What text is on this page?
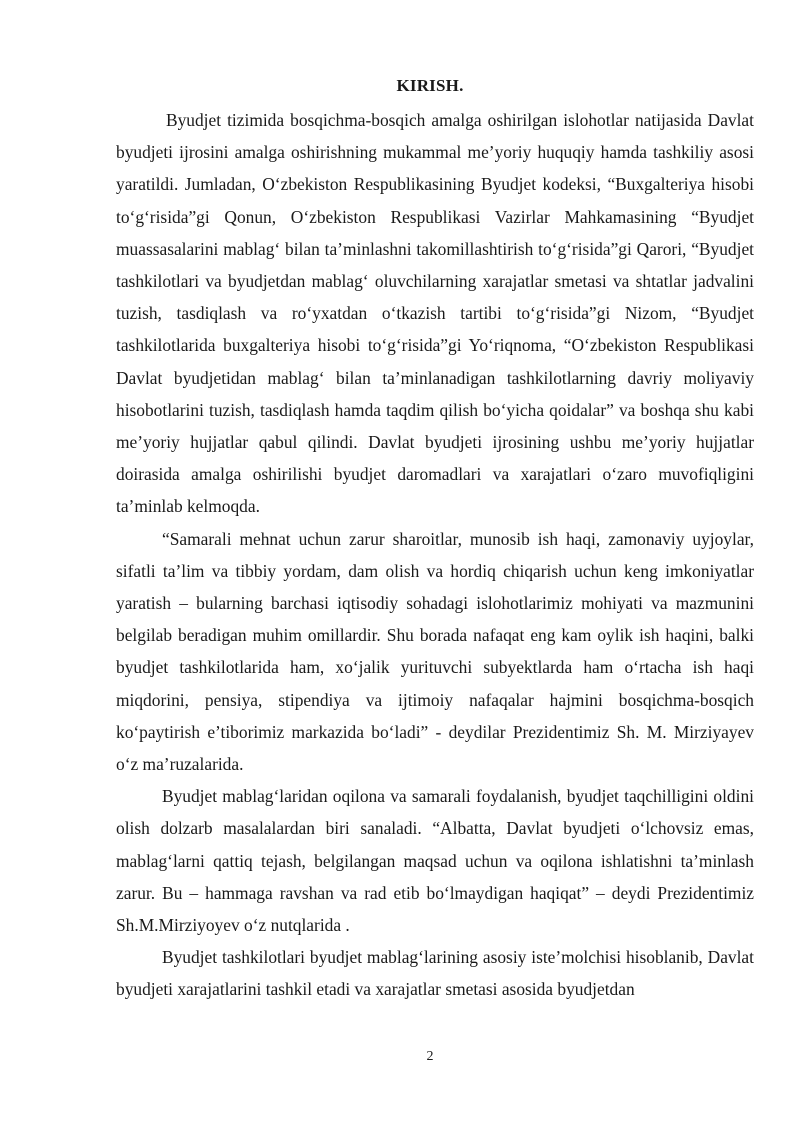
KIRISH.

Byudjet tizimida bosqichma-bosqich amalga oshirilgan islohotlar natijasida Davlat byudjeti ijrosini amalga oshirishning mukammal me’yoriy huquqiy hamda tashkiliy asosi yaratildi. Jumladan, O‘zbekiston Respublikasining Byudjet kodeksi, “Buxgalteriya hisobi to‘g‘risida”gi Qonun, O‘zbekiston Respublikasi Vazirlar Mahkamasining “Byudjet muassasalarini mablag‘ bilan ta’minlashni takomillashtirish to‘g‘risida”gi Qarori, “Byudjet tashkilotlari va byudjetdan mablag‘ oluvchilarning xarajatlar smetasi va shtatlar jadvalini tuzish, tasdiqlash va ro‘yxatdan o‘tkazish tartibi to‘g‘risida”gi Nizom, “Byudjet tashkilotlarida buxgalteriya hisobi to‘g‘risida”gi Yo‘riqnoma, “O‘zbekiston Respublikasi Davlat byudjetidan mablag‘ bilan ta’minlanadigan tashkilotlarning davriy moliyaviy hisobotlarini tuzish, tasdiqlash hamda taqdim qilish bo‘yicha qoidalar” va boshqa shu kabi me’yoriy hujjatlar qabul qilindi. Davlat byudjeti ijrosining ushbu me’yoriy hujjatlar doirasida amalga oshirilishi byudjet daromadlari va xarajatlari o‘zaro muvofiqligini ta’minlab kelmoqda.

“Samarali mehnat uchun zarur sharoitlar, munosib ish haqi, zamonaviy uyjoylar, sifatli ta’lim va tibbiy yordam, dam olish va hordiq chiqarish uchun keng imkoniyatlar yaratish – bularning barchasi iqtisodiy sohadagi islohotlarimiz mohiyati va mazmunini belgilab beradigan muhim omillardir. Shu borada nafaqat eng kam oylik ish haqini, balki byudjet tashkilotlarida ham, xo‘jalik yurituvchi subyektlarda ham o‘rtacha ish haqi miqdorini, pensiya, stipendiya va ijtimoiy nafaqalar hajmini bosqichma-bosqich ko‘paytirish e’tiborimiz markazida bo‘ladi” - deydilar Prezidentimiz Sh. M. Mirziyayev o‘z ma’ruzalarida.

Byudjet mablag‘laridan oqilona va samarali foydalanish, byudjet taqchilligini oldini olish dolzarb masalalardan biri sanaladi. “Albatta, Davlat byudjeti o‘lchovsiz emas, mablag‘larni qattiq tejash, belgilangan maqsad uchun va oqilona ishlatishni ta’minlash zarur. Bu – hammaga ravshan va rad etib bo‘lmaydigan haqiqat” – deydi Prezidentimiz Sh.M.Mirziyoyev o‘z nutqlarida .

Byudjet tashkilotlari byudjet mablag‘larining asosiy iste’molchisi hisoblanib, Davlat byudjeti xarajatlarini tashkil etadi va xarajatlar smetasi asosida byudjetdan

2
